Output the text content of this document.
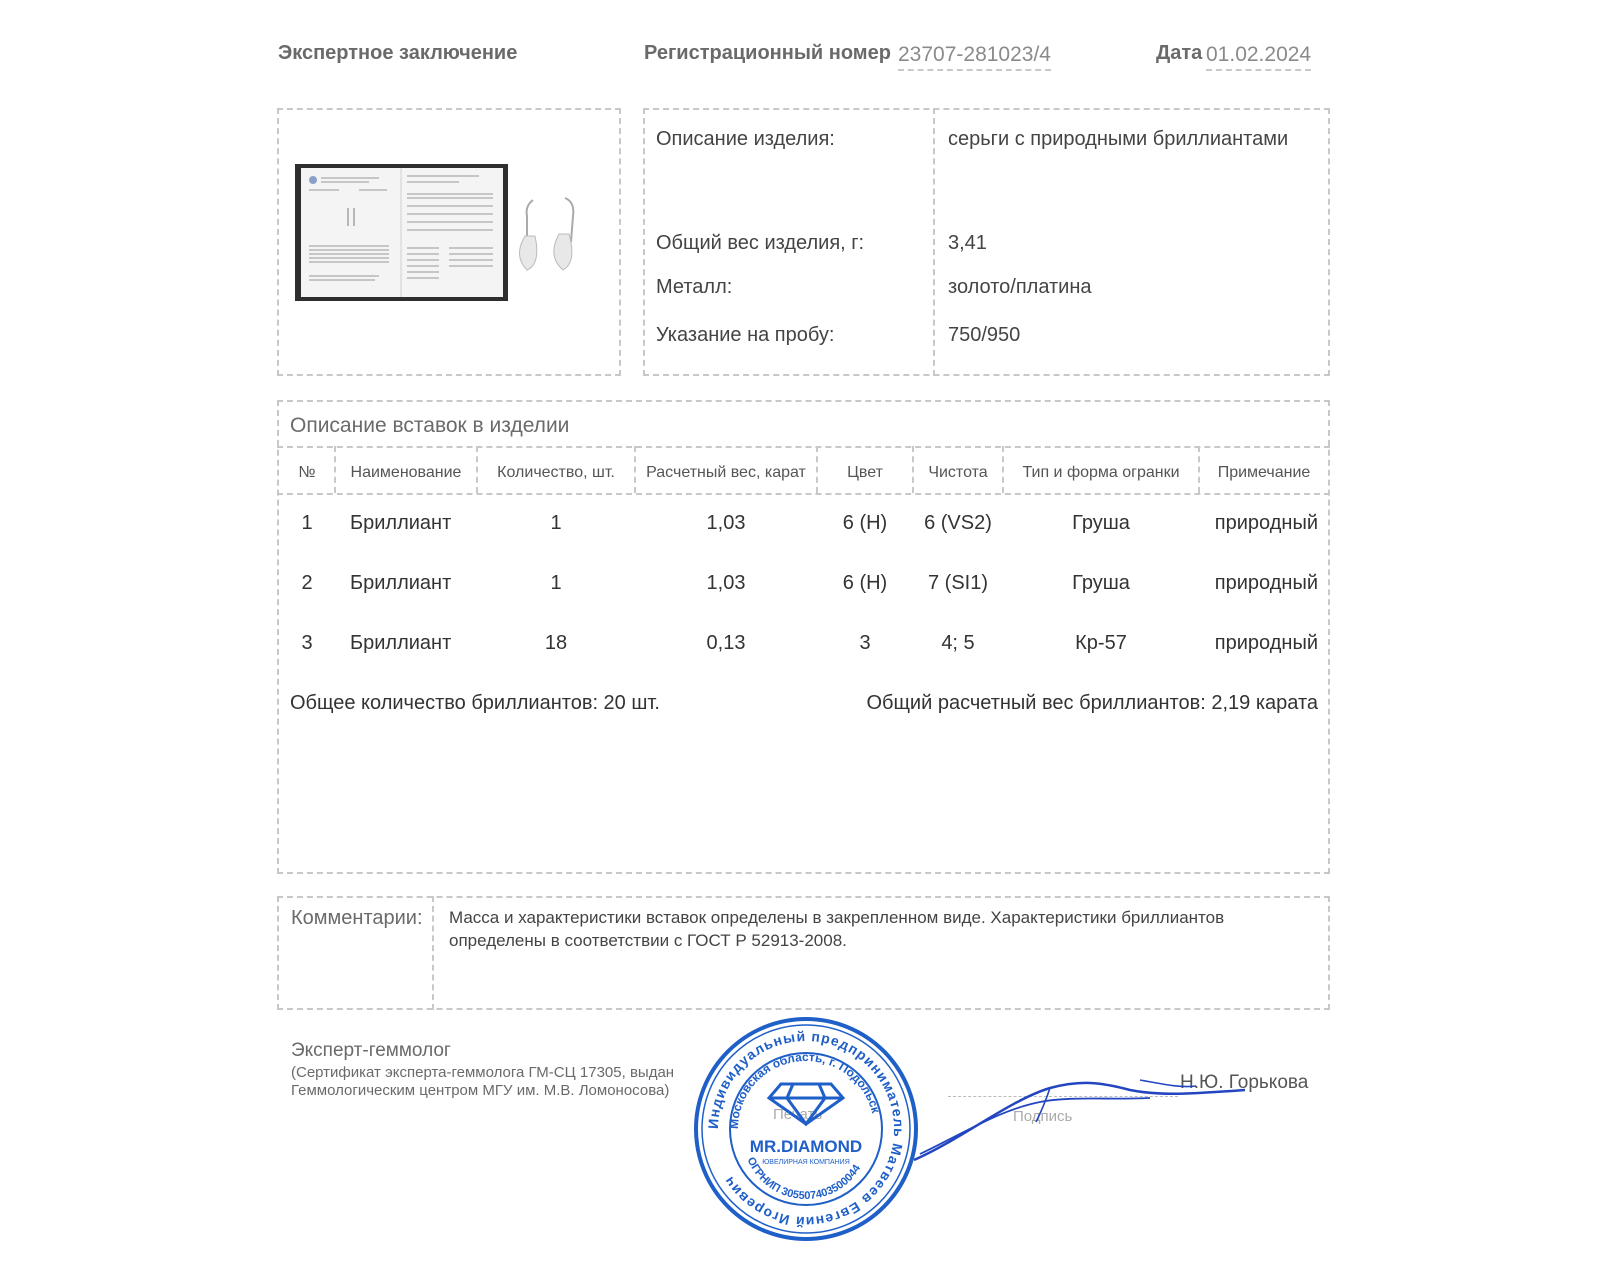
Экспертное заключение	Регистрационный номер 23707-281023/4	Дата 01.02.2024
Описание изделия:	серьги с природными бриллиантами
Общий вес изделия, г:	3,41
Металл:	золото/платина
Указание на пробу:	750/950
Описание вставок в изделии
№	Наименование	Количество, шт.	Расчетный вес, карат	Цвет	Чистота	Тип и форма огранки	Примечание
1	Бриллиант	1	1,03	6 (H)	6 (VS2)	Груша	природный
2	Бриллиант	1	1,03	6 (H)	7 (SI1)	Груша	природный
3	Бриллиант	18	0,13	3	4; 5	Кр-57	природный
Общее количество бриллиантов: 20 шт.	Общий расчетный вес бриллиантов: 2,19 карата
Комментарии: Масса и характеристики вставок определены в закрепленном виде. Характеристики бриллиантов определены в соответствии с ГОСТ Р 52913-2008.
Эксперт-геммолог
(Сертификат эксперта-геммолога ГМ-СЦ 17305, выдан Геммологическим центром МГУ им. М.В. Ломоносова)	Н.Ю. Горькова
Печать	Подпись
Индивидуальный предприниматель Матвеев Евгений Игоревич
Московская область, г. Подольск
ОГРНИП 305507403500044
MR.DIAMOND
ЮВЕЛИРНАЯ КОМПАНИЯ
